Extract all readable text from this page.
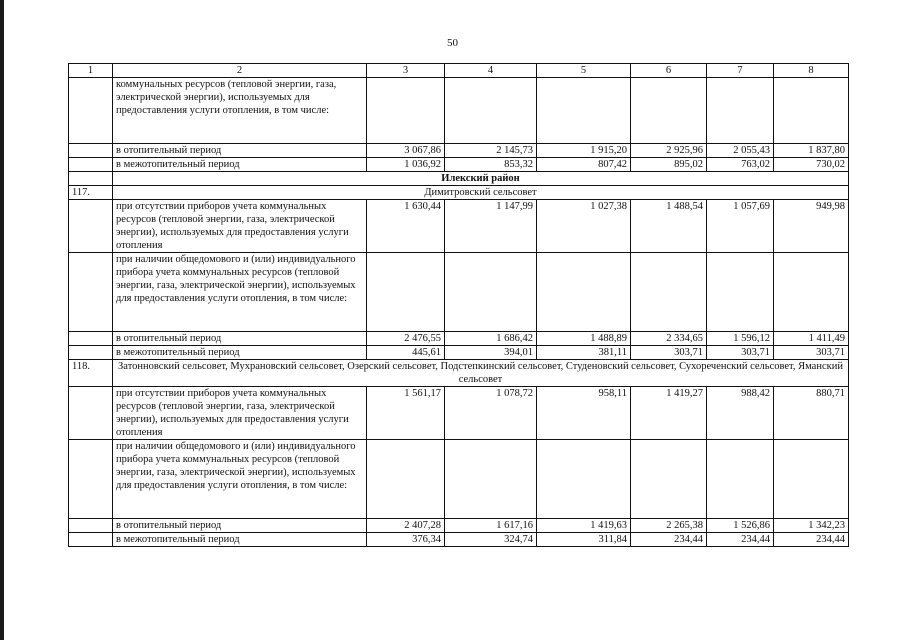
50
1	2	3	4	5	6	7	8
	коммунальных ресурсов (тепловой энергии, газа, электрической энергии), используемых для предоставления услуги отопления, в том числе:						
	в отопительный период	3 067,86	2 145,73	1 915,20	2 925,96	2 055,43	1 837,80
	в межотопительный период	1 036,92	853,32	807,42	895,02	763,02	730,02
	Илекский район						
117.	Димитровский сельсовет						
	при отсутствии приборов учета коммунальных ресурсов (тепловой энергии, газа, электрической энергии), используемых для предоставления услуги отопления	1 630,44	1 147,99	1 027,38	1 488,54	1 057,69	949,98
	при наличии общедомового и (или) индивидуального прибора учета коммунальных ресурсов (тепловой энергии, газа, электрической энергии), используемых для предоставления услуги отопления, в том числе:						
	в отопительный период	2 476,55	1 686,42	1 488,89	2 334,65	1 596,12	1 411,49
	в межотопительный период	445,61	394,01	381,11	303,71	303,71	303,71
118.	Затонновский сельсовет, Мухрановский сельсовет, Озерский сельсовет, Подстепкинский сельсовет, Студеновский сельсовет, Сухореченский сельсовет, Яманский сельсовет						
	при отсутствии приборов учета коммунальных ресурсов (тепловой энергии, газа, электрической энергии), используемых для предоставления услуги отопления	1 561,17	1 078,72	958,11	1 419,27	988,42	880,71
	при наличии общедомового и (или) индивидуального прибора учета коммунальных ресурсов (тепловой энергии, газа, электрической энергии), используемых для предоставления услуги отопления, в том числе:						
	в отопительный период	2 407,28	1 617,16	1 419,63	2 265,38	1 526,86	1 342,23
	в межотопительный период	376,34	324,74	311,84	234,44	234,44	234,44
